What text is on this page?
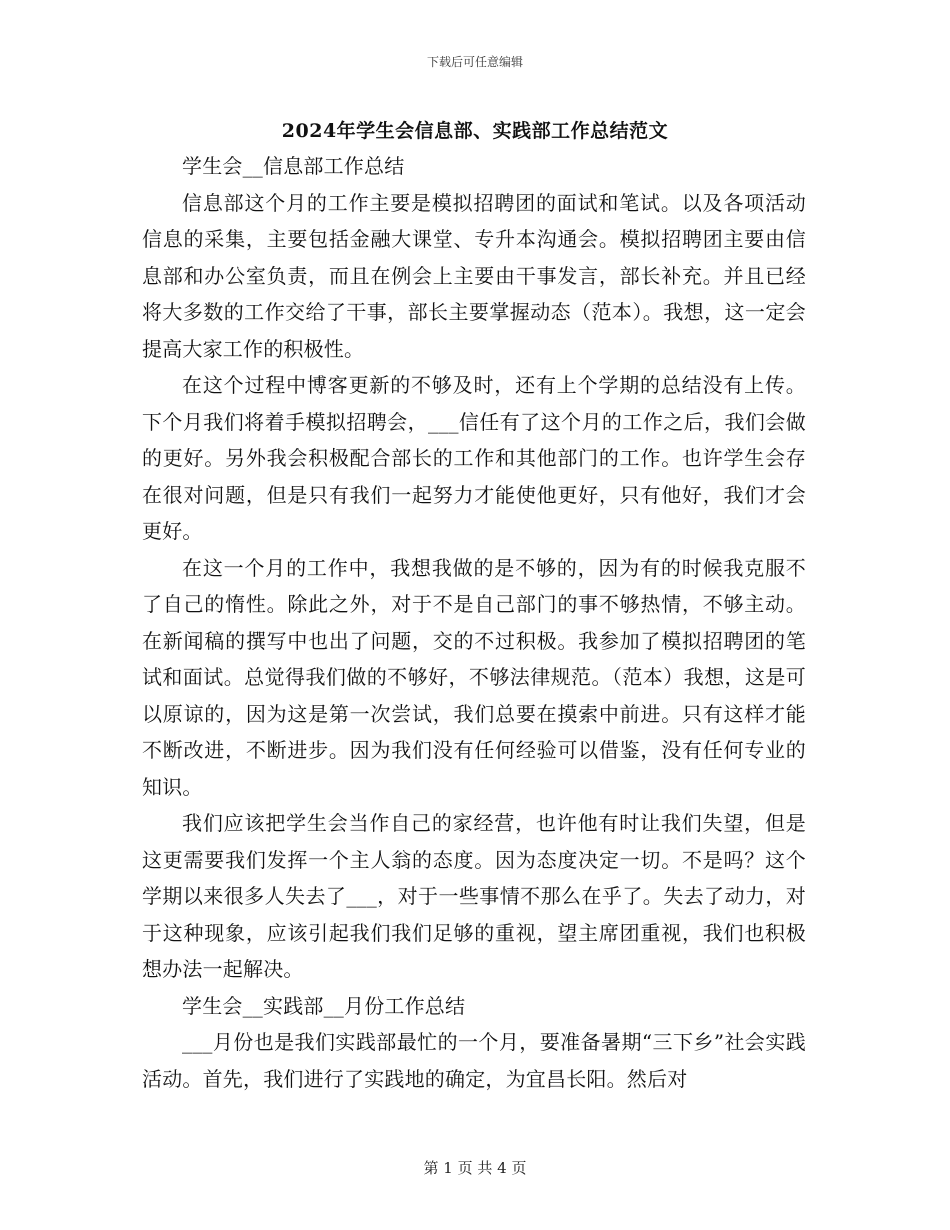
下载后可任意编辑
2024年学生会信息部、实践部工作总结范文

学生会__信息部工作总结

信息部这个月的工作主要是模拟招聘团的面试和笔试。以及各项活动信息的采集，主要包括金融大课堂、专升本沟通会。模拟招聘团主要由信息部和办公室负责，而且在例会上主要由干事发言，部长补充。并且已经将大多数的工作交给了干事，部长主要掌握动态（范本）。我想，这一定会提高大家工作的积极性。

在这个过程中博客更新的不够及时，还有上个学期的总结没有上传。下个月我们将着手模拟招聘会，___信任有了这个月的工作之后，我们会做的更好。另外我会积极配合部长的工作和其他部门的工作。也许学生会存在很对问题，但是只有我们一起努力才能使他更好，只有他好，我们才会更好。

在这一个月的工作中，我想我做的是不够的，因为有的时候我克服不了自己的惰性。除此之外，对于不是自己部门的事不够热情，不够主动。在新闻稿的撰写中也出了问题，交的不过积极。我参加了模拟招聘团的笔试和面试。总觉得我们做的不够好，不够法律规范。（范本）我想，这是可以原谅的，因为这是第一次尝试，我们总要在摸索中前进。只有这样才能不断改进，不断进步。因为我们没有任何经验可以借鉴，没有任何专业的知识。

我们应该把学生会当作自己的家经营，也许他有时让我们失望，但是这更需要我们发挥一个主人翁的态度。因为态度决定一切。不是吗？这个学期以来很多人失去了___，对于一些事情不那么在乎了。失去了动力，对于这种现象，应该引起我们我们足够的重视，望主席团重视，我们也积极想办法一起解决。

学生会__实践部__月份工作总结

___月份也是我们实践部最忙的一个月，要准备暑期“三下乡”社会实践活动。首先，我们进行了实践地的确定，为宜昌长阳。然后对

第 1 页 共 4 页
